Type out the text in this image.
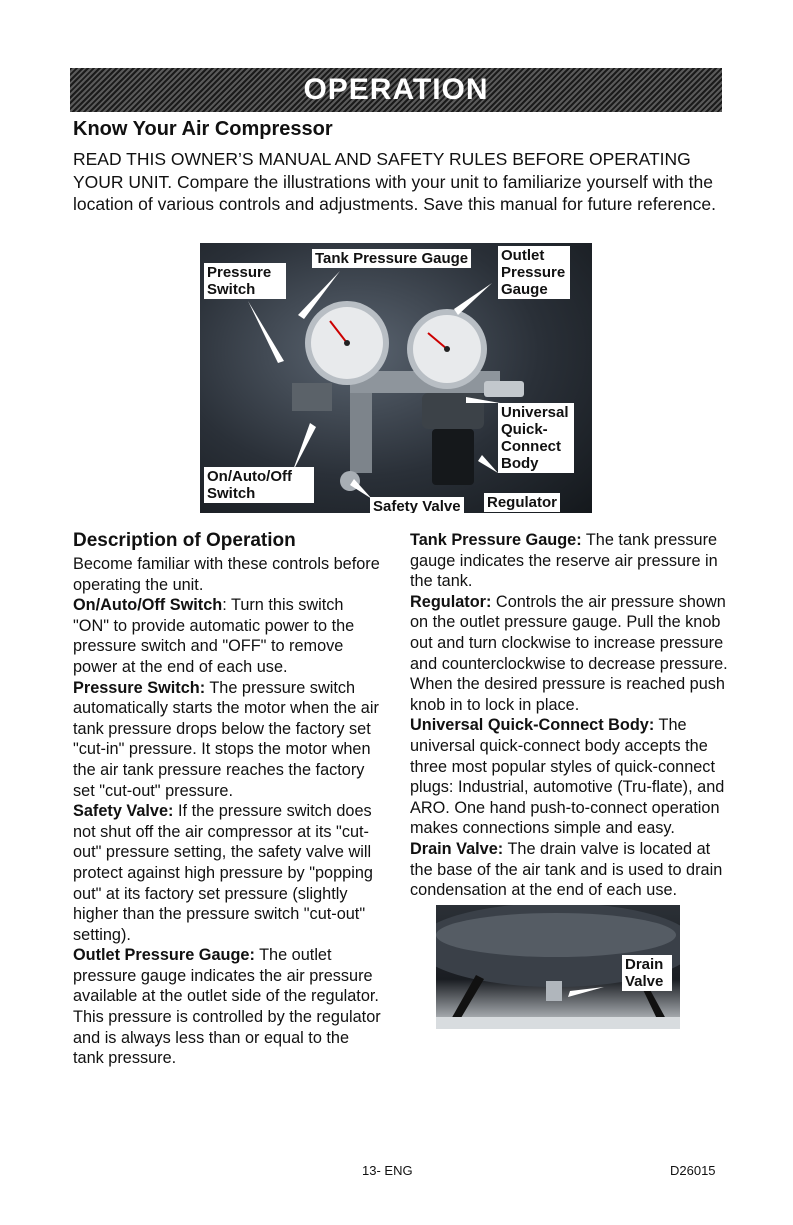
OPERATION
Know Your Air Compressor

READ THIS OWNER’S MANUAL AND SAFETY RULES BEFORE OPERATING YOUR UNIT. Compare the illustrations with your unit to familiarize yourself with the location of various controls and adjustments. Save this manual for future reference.

Pressure Switch
Tank Pressure Gauge Outlet Pressure Gauge
Universal Quick-Connect Body
On/Auto/Off Switch
Safety Valve Regulator
Description of Operation

Become familiar with these controls before operating the unit.

On/Auto/Off Switch: Turn this switch "ON" to provide automatic power to the pressure switch and "OFF" to remove power at the end of each use.

Pressure Switch: The pressure switch automatically starts the motor when the air tank pressure drops below the factory set "cut-in" pressure. It stops the motor when the air tank pressure reaches the factory set "cut-out" pressure.

Safety Valve: If the pressure switch does not shut off the air compressor at its "cut-out" pressure setting, the safety valve will protect against high pressure by "popping out" at its factory set pressure (slightly higher than the pressure switch "cut-out" setting).

Outlet Pressure Gauge: The outlet pressure gauge indicates the air pressure available at the outlet side of the regulator. This pressure is controlled by the regulator and is always less than or equal to the tank pressure.

Tank Pressure Gauge: The tank pressure gauge indicates the reserve air pressure in the tank.

Regulator: Controls the air pressure shown on the outlet pressure gauge. Pull the knob out and turn clockwise to increase pressure and counterclockwise to decrease pressure. When the desired pressure is reached push knob in to lock in place.

Universal Quick-Connect Body: The universal quick-connect body accepts the three most popular styles of quick-connect plugs: Industrial, automotive (Tru-flate), and ARO. One hand push-to-connect operation makes connections simple and easy.

Drain Valve: The drain valve is located at the base of the air tank and is used to drain condensation at the end of each use.

Drain Valve
13- ENG	D26015
